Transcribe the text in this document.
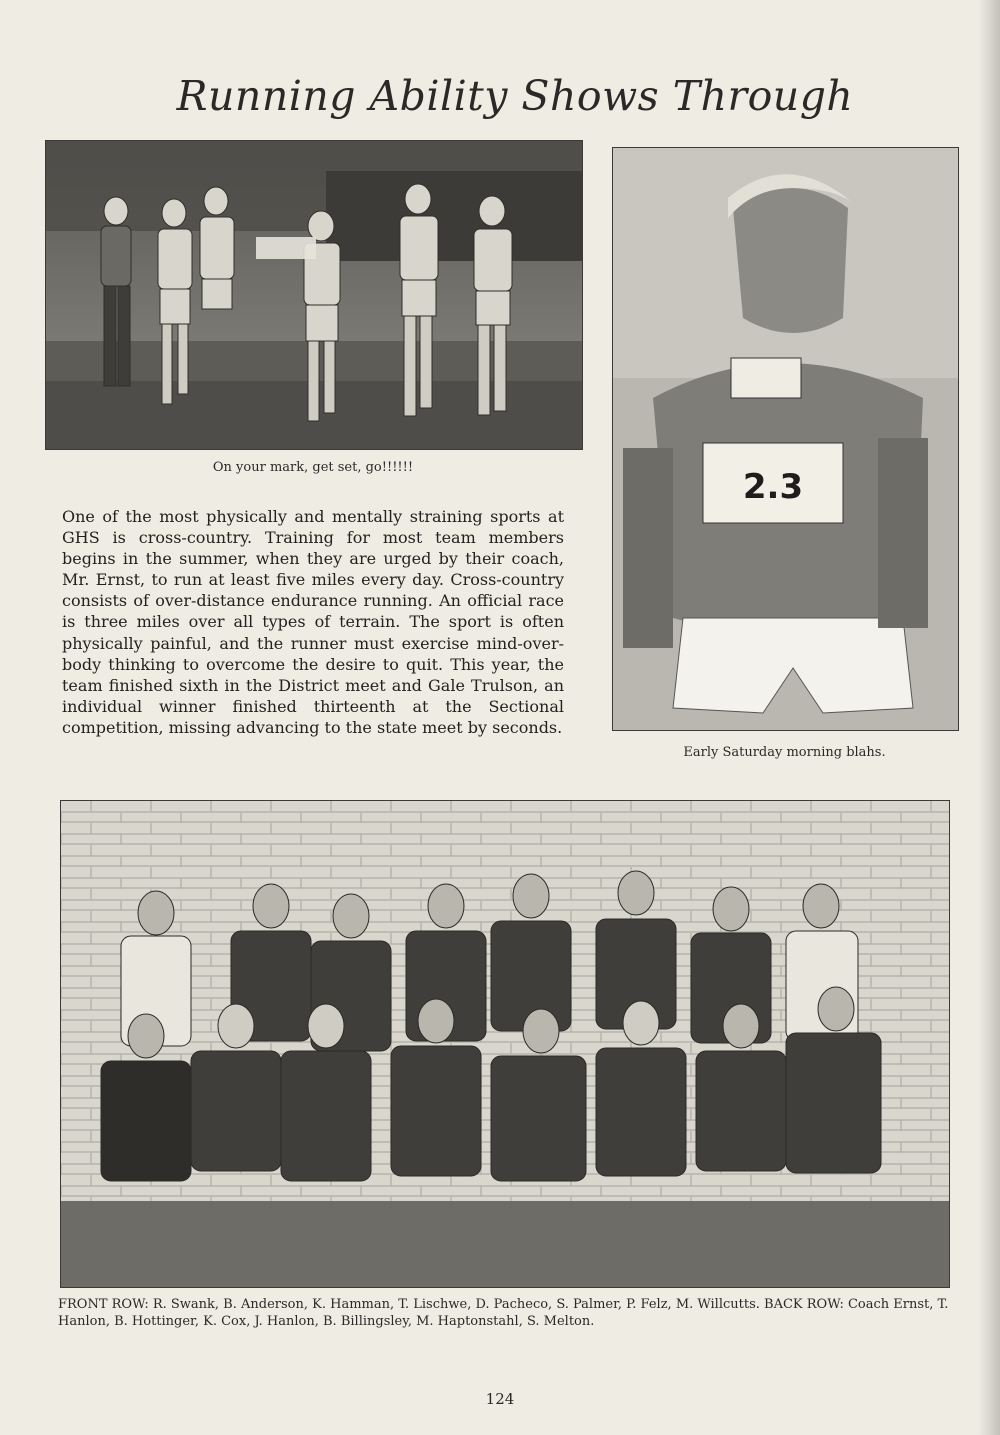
Running Ability Shows Through
On your mark, get set, go!!!!!!	2.3
Early Saturday morning blahs.
One of the most physically and mentally straining sports at GHS is cross-country. Training for most team members begins in the summer, when they are urged by their coach, Mr. Ernst, to run at least five miles every day. Cross-country consists of over-distance endurance running. An official race is three miles over all types of terrain. The sport is often physically painful, and the runner must exercise mind-over-body thinking to overcome the desire to quit. This year, the team finished sixth in the District meet and Gale Trulson, an individual winner finished thirteenth at the Sectional competition, missing advancing to the state meet by seconds.
FRONT ROW: R. Swank, B. Anderson, K. Hamman, T. Lischwe, D. Pacheco, S. Palmer, P. Felz, M. Willcutts. BACK ROW: Coach Ernst, T. Hanlon, B. Hottinger, K. Cox, J. Hanlon, B. Billingsley, M. Haptonstahl, S. Melton.
124
